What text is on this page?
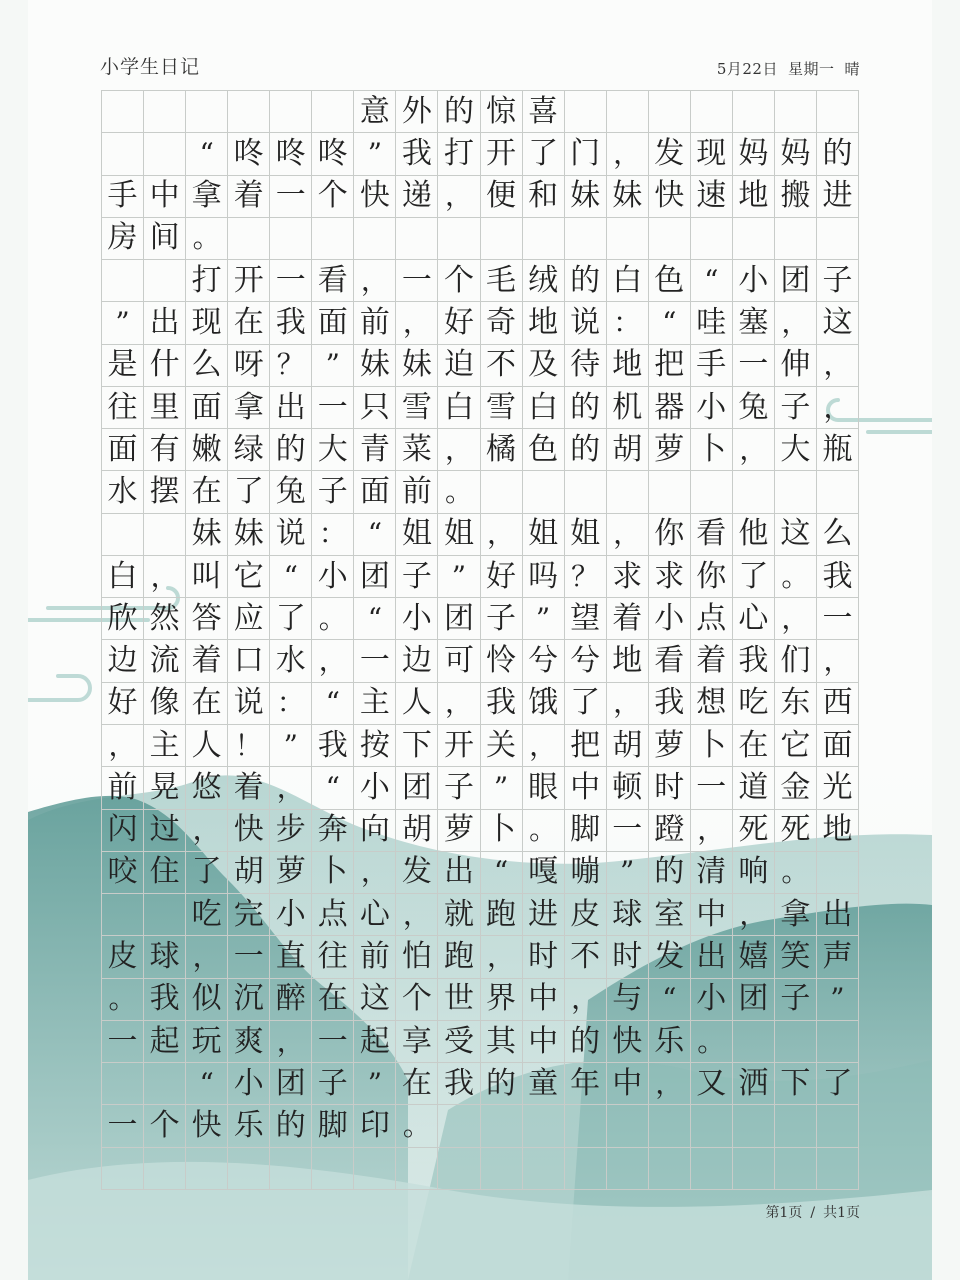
小学生日记	5月22日 星期一 晴
意 外 的 惊 喜
“ 咚 咚 咚 ” 我 打 开 了 门 ， 发 现 妈 妈 的
手 中 拿 着 一 个 快 递 ， 便 和 妹 妹 快 速 地 搬 进
房 间 。
打 开 一 看 ， 一 个 毛 绒 的 白 色 “ 小 团 子
” 出 现 在 我 面 前 ， 好 奇 地 说 ： “ 哇 塞 ， 这
是 什 么 呀 ？ ” 妹 妹 迫 不 及 待 地 把 手 一 伸 ，
往 里 面 拿 出 一 只 雪 白 雪 白 的 机 器 小 兔 子 ，
面 有 嫩 绿 的 大 青 菜 ， 橘 色 的 胡 萝 卜 ， 大 瓶
水 摆 在 了 兔 子 面 前 。
妹 妹 说 ： “ 姐 姐 ， 姐 姐 ， 你 看 他 这 么
白 ， 叫 它 “ 小 团 子 ” 好 吗 ？ 求 求 你 了 。 我
欣 然 答 应 了 。 “ 小 团 子 ” 望 着 小 点 心 ， 一
边 流 着 口 水 ， 一 边 可 怜 兮 兮 地 看 着 我 们 ，
好 像 在 说 ： “ 主 人 ， 我 饿 了 ， 我 想 吃 东 西
， 主 人 ！ ” 我 按 下 开 关 ， 把 胡 萝 卜 在 它 面
前 晃 悠 着 ， “ 小 团 子 ” 眼 中 顿 时 一 道 金 光
闪 过 ， 快 步 奔 向 胡 萝 卜 。 脚 一 蹬 ， 死 死 地
咬 住 了 胡 萝 卜 ， 发 出 “ 嘎 嘣 ” 的 清 响 。
吃 完 小 点 心 ， 就 跑 进 皮 球 室 中 ， 拿 出
皮 球 ， 一 直 往 前 怕 跑 ， 时 不 时 发 出 嬉 笑 声
。 我 似 沉 醉 在 这 个 世 界 中 ， 与 “ 小 团 子 ”
一 起 玩 爽 ， 一 起 享 受 其 中 的 快 乐 。
“ 小 团 子 ” 在 我 的 童 年 中 ， 又 洒 下 了
一 个 快 乐 的 脚 印 。
第1页 / 共1页
